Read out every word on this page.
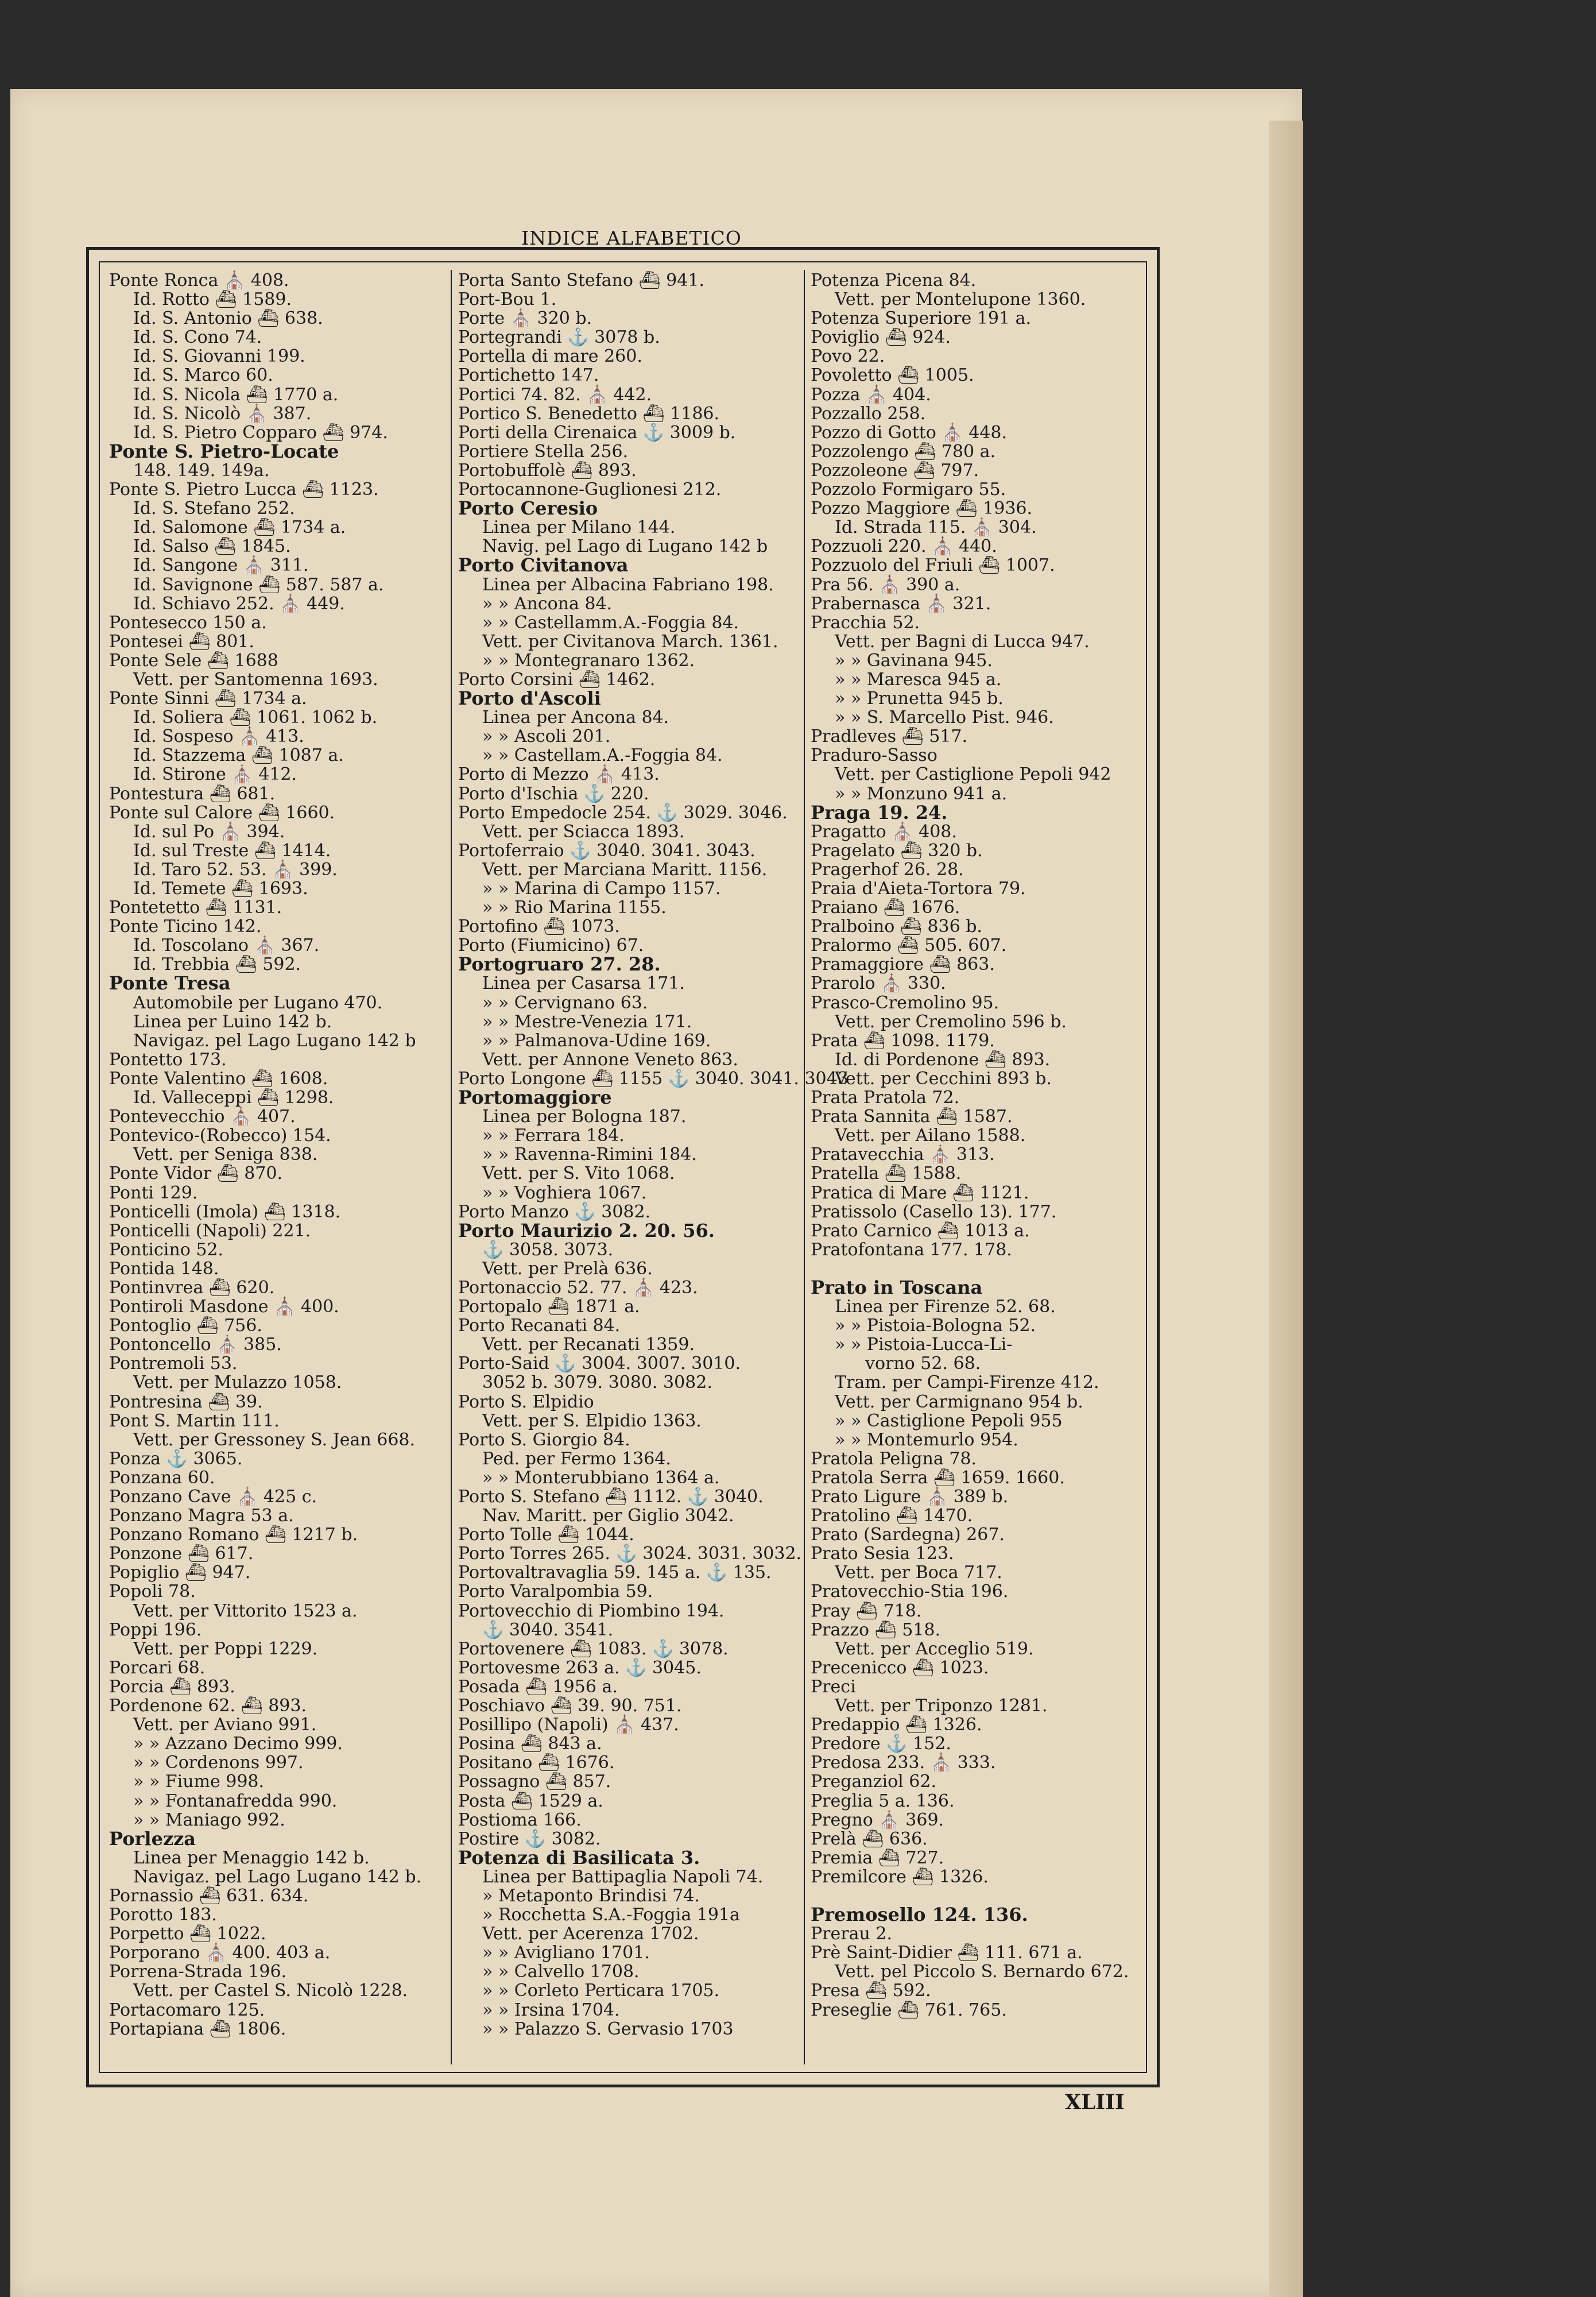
INDICE ALFABETICO
Ponte Ronca ⛪ 408.
Id. Rotto ⛴ 1589.
Id. S. Antonio ⛴ 638.
Id. S. Cono 74.
Id. S. Giovanni 199.
Id. S. Marco 60.
Id. S. Nicola ⛴ 1770 a.
Id. S. Nicolò ⛪ 387.
Id. S. Pietro Copparo ⛴ 974.
Ponte S. Pietro-Locate
148. 149. 149a.
Ponte S. Pietro Lucca ⛴ 1123.
Id. S. Stefano 252.
Id. Salomone ⛴ 1734 a.
Id. Salso ⛴ 1845.
Id. Sangone ⛪ 311.
Id. Savignone ⛴ 587. 587 a.
Id. Schiavo 252. ⛪ 449.
Pontesecco 150 a.
Pontesei ⛴ 801.
Ponte Sele ⛴ 1688
Vett. per Santomenna 1693.
Ponte Sinni ⛴ 1734 a.
Id. Soliera ⛴ 1061. 1062 b.
Id. Sospeso ⛪ 413.
Id. Stazzema ⛴ 1087 a.
Id. Stirone ⛪ 412.
Pontestura ⛴ 681.
Ponte sul Calore ⛴ 1660.
Id. sul Po ⛪ 394.
Id. sul Treste ⛴ 1414.
Id. Taro 52. 53. ⛪ 399.
Id. Temete ⛴ 1693.
Pontetetto ⛴ 1131.
Ponte Ticino 142.
Id. Toscolano ⛪ 367.
Id. Trebbia ⛴ 592.
Ponte Tresa
Automobile per Lugano 470.
Linea per Luino 142 b.
Navigaz. pel Lago Lugano 142 b
Pontetto 173.
Ponte Valentino ⛴ 1608.
Id. Valleceppi ⛴ 1298.
Pontevecchio ⛪ 407.
Pontevico-(Robecco) 154.
Vett. per Seniga 838.
Ponte Vidor ⛴ 870.
Ponti 129.
Ponticelli (Imola) ⛴ 1318.
Ponticelli (Napoli) 221.
Ponticino 52.
Pontida 148.
Pontinvrea ⛴ 620.
Pontiroli Masdone ⛪ 400.
Pontoglio ⛴ 756.
Pontoncello ⛪ 385.
Pontremoli 53.
Vett. per Mulazzo 1058.
Pontresina ⛴ 39.
Pont S. Martin 111.
Vett. per Gressoney S. Jean 668.
Ponza ⚓ 3065.
Ponzana 60.
Ponzano Cave ⛪ 425 c.
Ponzano Magra 53 a.
Ponzano Romano ⛴ 1217 b.
Ponzone ⛴ 617.
Popiglio ⛴ 947.
Popoli 78.
Vett. per Vittorito 1523 a.
Poppi 196.
Vett. per Poppi 1229.
Porcari 68.
Porcia ⛴ 893.
Pordenone 62. ⛴ 893.
Vett. per Aviano 991.
» » Azzano Decimo 999.
» » Cordenons 997.
» » Fiume 998.
» » Fontanafredda 990.
» » Maniago 992.
Porlezza
Linea per Menaggio 142 b.
Navigaz. pel Lago Lugano 142 b.
Pornassio ⛴ 631. 634.
Porotto 183.
Porpetto ⛴ 1022.
Porporano ⛪ 400. 403 a.
Porrena-Strada 196.
Vett. per Castel S. Nicolò 1228.
Portacomaro 125.
Portapiana ⛴ 1806.
Porta Santo Stefano ⛴ 941.
Port-Bou 1.
Porte ⛪ 320 b.
Portegrandi ⚓ 3078 b.
Portella di mare 260.
Portichetto 147.
Portici 74. 82. ⛪ 442.
Portico S. Benedetto ⛴ 1186.
Porti della Cirenaica ⚓ 3009 b.
Portiere Stella 256.
Portobuffolè ⛴ 893.
Portocannone-Guglionesi 212.
Porto Ceresio
Linea per Milano 144.
Navig. pel Lago di Lugano 142 b
Porto Civitanova
Linea per Albacina Fabriano 198.
» » Ancona 84.
» » Castellamm.A.-Foggia 84.
Vett. per Civitanova March. 1361.
» » Montegranaro 1362.
Porto Corsini ⛴ 1462.
Porto d'Ascoli
Linea per Ancona 84.
» » Ascoli 201.
» » Castellam.A.-Foggia 84.
Porto di Mezzo ⛪ 413.
Porto d'Ischia ⚓ 220.
Porto Empedocle 254. ⚓ 3029. 3046.
Vett. per Sciacca 1893.
Portoferraio ⚓ 3040. 3041. 3043.
Vett. per Marciana Maritt. 1156.
» » Marina di Campo 1157.
» » Rio Marina 1155.
Portofino ⛴ 1073.
Porto (Fiumicino) 67.
Portogruaro 27. 28.
Linea per Casarsa 171.
» » Cervignano 63.
» » Mestre-Venezia 171.
» » Palmanova-Udine 169.
Vett. per Annone Veneto 863.
Porto Longone ⛴ 1155 ⚓ 3040. 3041. 3043
Portomaggiore
Linea per Bologna 187.
» » Ferrara 184.
» » Ravenna-Rimini 184.
Vett. per S. Vito 1068.
» » Voghiera 1067.
Porto Manzo ⚓ 3082.
Porto Maurizio 2. 20. 56.
⚓ 3058. 3073.
Vett. per Prelà 636.
Portonaccio 52. 77. ⛪ 423.
Portopalo ⛴ 1871 a.
Porto Recanati 84.
Vett. per Recanati 1359.
Porto-Said ⚓ 3004. 3007. 3010.
3052 b. 3079. 3080. 3082.
Porto S. Elpidio
Vett. per S. Elpidio 1363.
Porto S. Giorgio 84.
Ped. per Fermo 1364.
» » Monterubbiano 1364 a.
Porto S. Stefano ⛴ 1112. ⚓ 3040.
Nav. Maritt. per Giglio 3042.
Porto Tolle ⛴ 1044.
Porto Torres 265. ⚓ 3024. 3031. 3032.
Portovaltravaglia 59. 145 a. ⚓ 135.
Porto Varalpombia 59.
Portovecchio di Piombino 194.
⚓ 3040. 3541.
Portovenere ⛴ 1083. ⚓ 3078.
Portovesme 263 a. ⚓ 3045.
Posada ⛴ 1956 a.
Poschiavo ⛴ 39. 90. 751.
Posillipo (Napoli) ⛪ 437.
Posina ⛴ 843 a.
Positano ⛴ 1676.
Possagno ⛴ 857.
Posta ⛴ 1529 a.
Postioma 166.
Postire ⚓ 3082.
Potenza di Basilicata 3.
Linea per Battipaglia Napoli 74.
» Metaponto Brindisi 74.
» Rocchetta S.A.-Foggia 191a
Vett. per Acerenza 1702.
» » Avigliano 1701.
» » Calvello 1708.
» » Corleto Perticara 1705.
» » Irsina 1704.
» » Palazzo S. Gervasio 1703
Potenza Picena 84.
Vett. per Montelupone 1360.
Potenza Superiore 191 a.
Poviglio ⛴ 924.
Povo 22.
Povoletto ⛴ 1005.
Pozza ⛪ 404.
Pozzallo 258.
Pozzo di Gotto ⛪ 448.
Pozzolengo ⛴ 780 a.
Pozzoleone ⛴ 797.
Pozzolo Formigaro 55.
Pozzo Maggiore ⛴ 1936.
Id. Strada 115. ⛪ 304.
Pozzuoli 220. ⛪ 440.
Pozzuolo del Friuli ⛴ 1007.
Pra 56. ⛪ 390 a.
Prabernasca ⛪ 321.
Pracchia 52.
Vett. per Bagni di Lucca 947.
» » Gavinana 945.
» » Maresca 945 a.
» » Prunetta 945 b.
» » S. Marcello Pist. 946.
Pradleves ⛴ 517.
Praduro-Sasso
Vett. per Castiglione Pepoli 942
» » Monzuno 941 a.
Praga 19. 24.
Pragatto ⛪ 408.
Pragelato ⛴ 320 b.
Pragerhof 26. 28.
Praia d'Aieta-Tortora 79.
Praiano ⛴ 1676.
Pralboino ⛴ 836 b.
Pralormo ⛴ 505. 607.
Pramaggiore ⛴ 863.
Prarolo ⛪ 330.
Prasco-Cremolino 95.
Vett. per Cremolino 596 b.
Prata ⛴ 1098. 1179.
Id. di Pordenone ⛴ 893.
Vett. per Cecchini 893 b.
Prata Pratola 72.
Prata Sannita ⛴ 1587.
Vett. per Ailano 1588.
Pratavecchia ⛪ 313.
Pratella ⛴ 1588.
Pratica di Mare ⛴ 1121.
Pratissolo (Casello 13). 177.
Prato Carnico ⛴ 1013 a.
Pratofontana 177. 178.
Prato in Toscana
Linea per Firenze 52. 68.
» » Pistoia-Bologna 52.
» » Pistoia-Lucca-Li-
vorno 52. 68.
Tram. per Campi-Firenze 412.
Vett. per Carmignano 954 b.
» » Castiglione Pepoli 955
» » Montemurlo 954.
Pratola Peligna 78.
Pratola Serra ⛴ 1659. 1660.
Prato Ligure ⛪ 389 b.
Pratolino ⛴ 1470.
Prato (Sardegna) 267.
Prato Sesia 123.
Vett. per Boca 717.
Pratovecchio-Stia 196.
Pray ⛴ 718.
Prazzo ⛴ 518.
Vett. per Acceglio 519.
Precenicco ⛴ 1023.
Preci
Vett. per Triponzo 1281.
Predappio ⛴ 1326.
Predore ⚓ 152.
Predosa 233. ⛪ 333.
Preganziol 62.
Preglia 5 a. 136.
Pregno ⛪ 369.
Prelà ⛴ 636.
Premia ⛴ 727.
Premilcore ⛴ 1326.
Premosello 124. 136.
Prerau 2.
Prè Saint-Didier ⛴ 111. 671 a.
Vett. pel Piccolo S. Bernardo 672.
Presa ⛴ 592.
Preseglie ⛴ 761. 765.
XLIII
